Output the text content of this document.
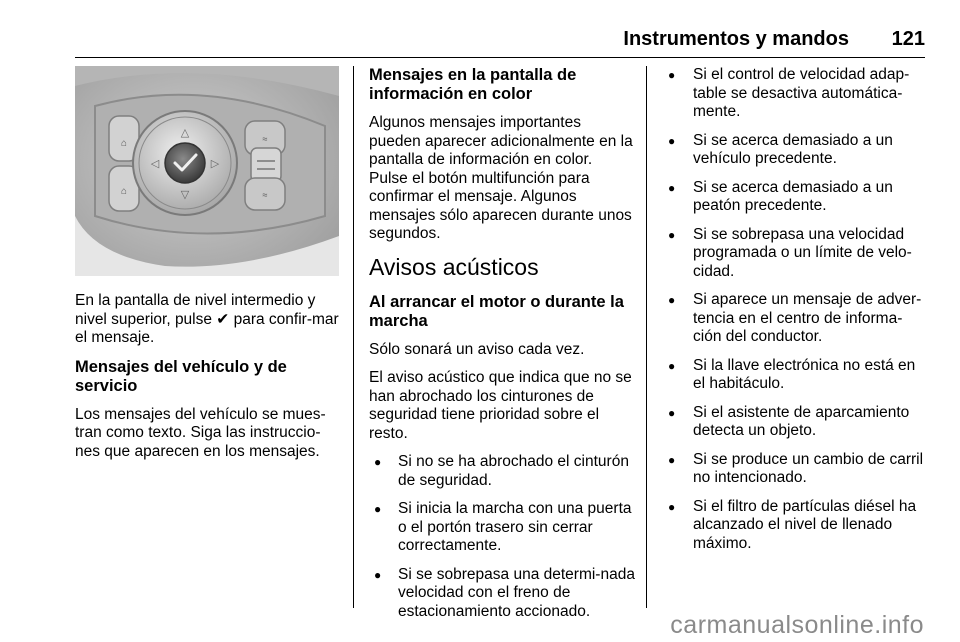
Instrumentos y mandos 121
⌂
⌂
△
▽
◁	▷
≈
≈

En la pantalla de nivel intermedio y nivel superior, pulse ✔ para confir-mar el mensaje.

Mensajes del vehículo y de servicio

Los mensajes del vehículo se mues-tran como texto. Siga las instruccio-nes que aparecen en los mensajes.

Mensajes en la pantalla de información en color

Algunos mensajes importantes pueden aparecer adicionalmente en la pantalla de información en color. Pulse el botón multifunción para confirmar el mensaje. Algunos mensajes sólo aparecen durante unos segundos.

Avisos acústicos
Al arrancar el motor o durante la marcha

Sólo sonará un aviso cada vez.

El aviso acústico que indica que no se han abrochado los cinturones de seguridad tiene prioridad sobre el resto.

● Si no se ha abrochado el cinturón de seguridad.
● Si inicia la marcha con una puerta o el portón trasero sin cerrar correctamente.
● Si se sobrepasa una determi-nada velocidad con el freno de estacionamiento accionado.
● Si el control de velocidad adap-table se desactiva automática-mente.
● Si se acerca demasiado a un vehículo precedente.
● Si se acerca demasiado a un peatón precedente.
● Si se sobrepasa una velocidad programada o un límite de velo-cidad.
● Si aparece un mensaje de adver-tencia en el centro de informa-ción del conductor.
● Si la llave electrónica no está en el habitáculo.
● Si el asistente de aparcamiento detecta un objeto.
● Si se produce un cambio de carril no intencionado.
● Si el filtro de partículas diésel ha alcanzado el nivel de llenado máximo.
carmanualsonline.info
